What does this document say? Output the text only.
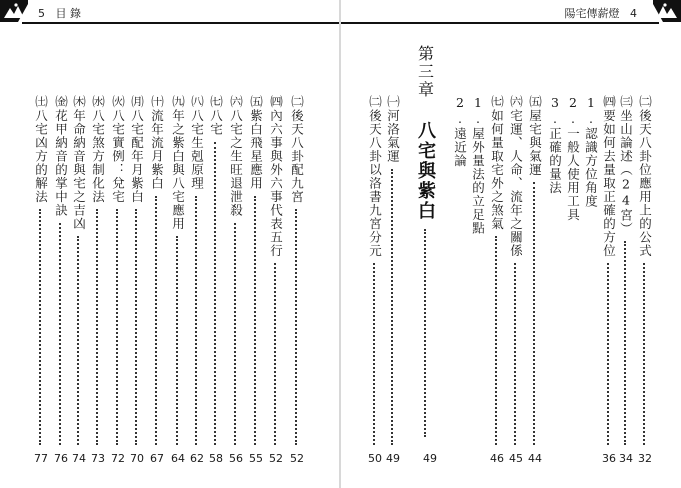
5 目 錄
㈡
後天八卦配九宮
52
㈣
內六事與外六事代表五行
52
㈤
紫白飛星應用
55
㈥
八宅之生旺退泄殺
56
㈦
八宅
58
㈧
八宅生剋原理
62
㈨
年之紫白與八宅應用
64
㈩
流年流月紫白
67
㈪
八宅配年月紫白
70
㈫
八宅實例：兌宅
72
㈬
八宅煞方制化法
73
㈭
年命納音與宅之吉凶
74
㈮
花甲納音的掌中訣
76
㈯
八宅凶方的解法
77
陽宅傳薪燈 4
第三章
八宅與紫白
49
㈡
後天八卦位應用上的公式
32
㈢
坐山論述（24宮）
34
㈣
要如何去量取正確的方位
36
1.
認識方位角度
2.
一般人使用工具
3.
正確的量法
㈤
屋宅與氣運
44
㈥
宅運、人命、流年之關係
45
㈦
如何量取宅外之煞氣
46
1.
屋外量法的立足點
2.
遠近論
㈠
河洛氣運
49
㈡
後天八卦以洛書九宮分元
50
